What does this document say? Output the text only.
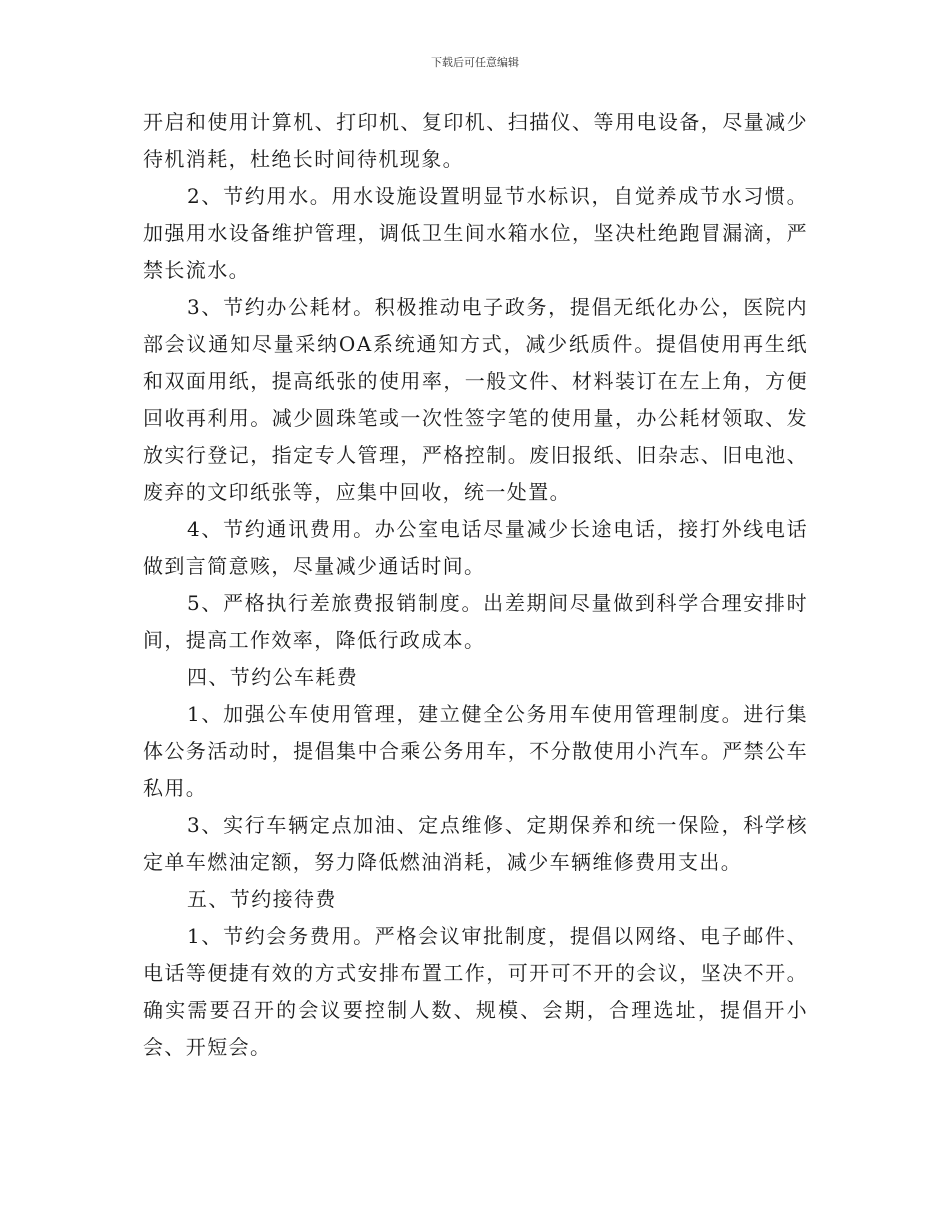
下载后可任意编辑

开启和使用计算机、打印机、复印机、扫描仪、等用电设备，尽量减少待机消耗，杜绝长时间待机现象。

2、节约用水。用水设施设置明显节水标识，自觉养成节水习惯。加强用水设备维护管理，调低卫生间水箱水位，坚决杜绝跑冒漏滴，严禁长流水。

3、节约办公耗材。积极推动电子政务，提倡无纸化办公，医院内部会议通知尽量采纳OA系统通知方式，减少纸质件。提倡使用再生纸和双面用纸，提高纸张的使用率，一般文件、材料装订在左上角，方便回收再利用。减少圆珠笔或一次性签字笔的使用量，办公耗材领取、发放实行登记，指定专人管理，严格控制。废旧报纸、旧杂志、旧电池、废弃的文印纸张等，应集中回收，统一处置。

4、节约通讯费用。办公室电话尽量减少长途电话，接打外线电话做到言简意赅，尽量减少通话时间。

5、严格执行差旅费报销制度。出差期间尽量做到科学合理安排时间，提高工作效率，降低行政成本。

四、节约公车耗费

1、加强公车使用管理，建立健全公务用车使用管理制度。进行集体公务活动时，提倡集中合乘公务用车，不分散使用小汽车。严禁公车私用。

3、实行车辆定点加油、定点维修、定期保养和统一保险，科学核定单车燃油定额，努力降低燃油消耗，减少车辆维修费用支出。

五、节约接待费

1、节约会务费用。严格会议审批制度，提倡以网络、电子邮件、电话等便捷有效的方式安排布置工作，可开可不开的会议，坚决不开。确实需要召开的会议要控制人数、规模、会期，合理选址，提倡开小会、开短会。
